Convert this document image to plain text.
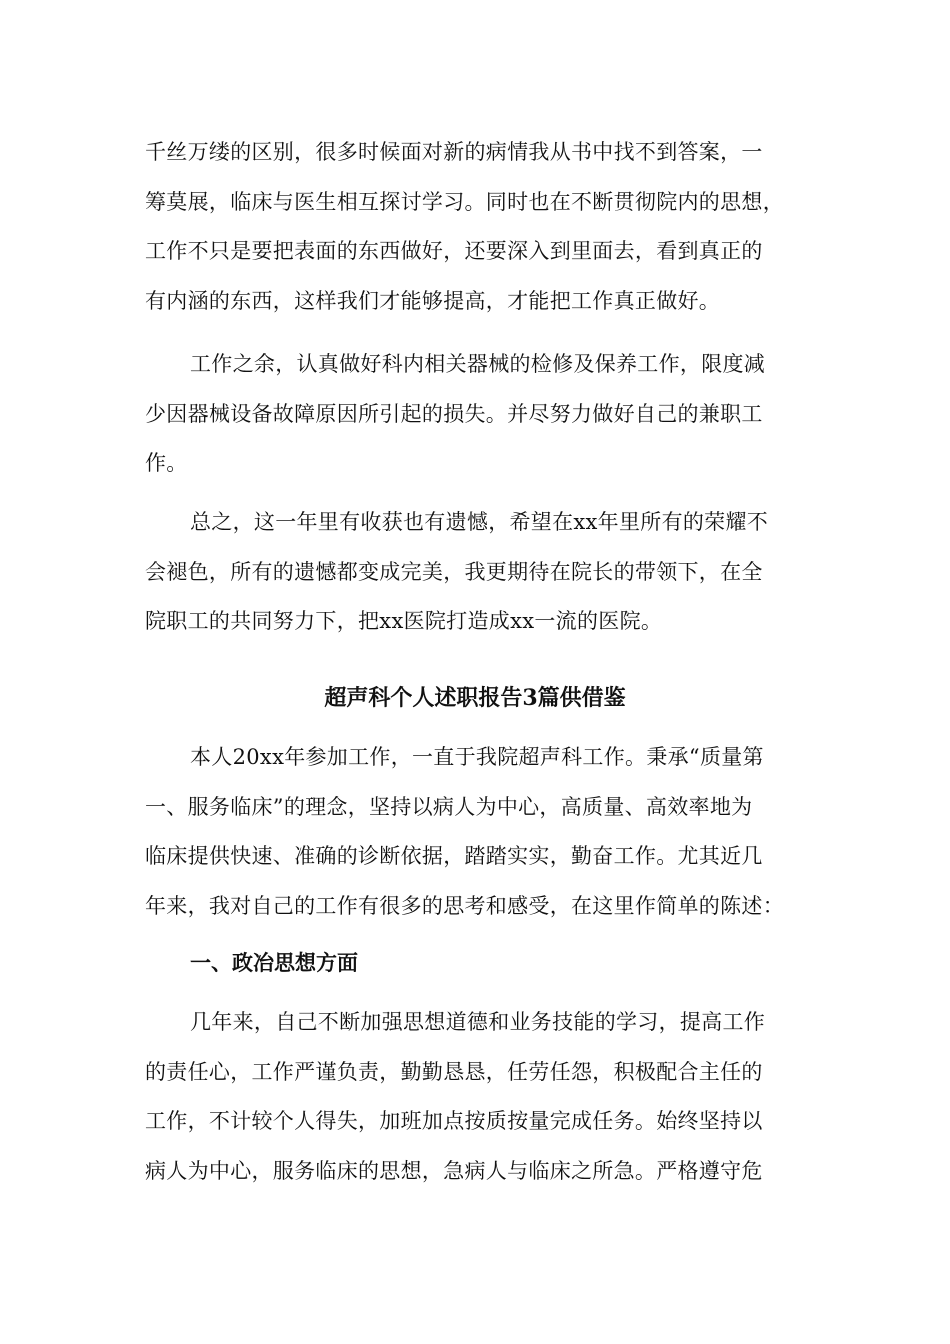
千丝万缕的区别，很多时候面对新的病情我从书中找不到答案，一
筹莫展，临床与医生相互探讨学习。同时也在不断贯彻院内的思想，
工作不只是要把表面的东西做好，还要深入到里面去，看到真正的
有内涵的东西，这样我们才能够提高，才能把工作真正做好。
工作之余，认真做好科内相关器械的检修及保养工作，限度减
少因器械设备故障原因所引起的损失。并尽努力做好自己的兼职工
作。
总之，这一年里有收获也有遗憾，希望在xx年里所有的荣耀不
会褪色，所有的遗憾都变成完美，我更期待在院长的带领下，在全
院职工的共同努力下，把xx医院打造成xx一流的医院。
超声科个人述职报告3篇供借鉴
本人20xx年参加工作，一直于我院超声科工作。秉承“质量第
一、服务临床”的理念，坚持以病人为中心，高质量、高效率地为
临床提供快速、准确的诊断依据，踏踏实实，勤奋工作。尤其近几
年来，我对自己的工作有很多的思考和感受，在这里作简单的陈述：
一、政冶思想方面
几年来，自己不断加强思想道德和业务技能的学习，提高工作
的责任心，工作严谨负责，勤勤恳恳，任劳任怨，积极配合主任的
工作，不计较个人得失，加班加点按质按量完成任务。始终坚持以
病人为中心，服务临床的思想，急病人与临床之所急。严格遵守危
